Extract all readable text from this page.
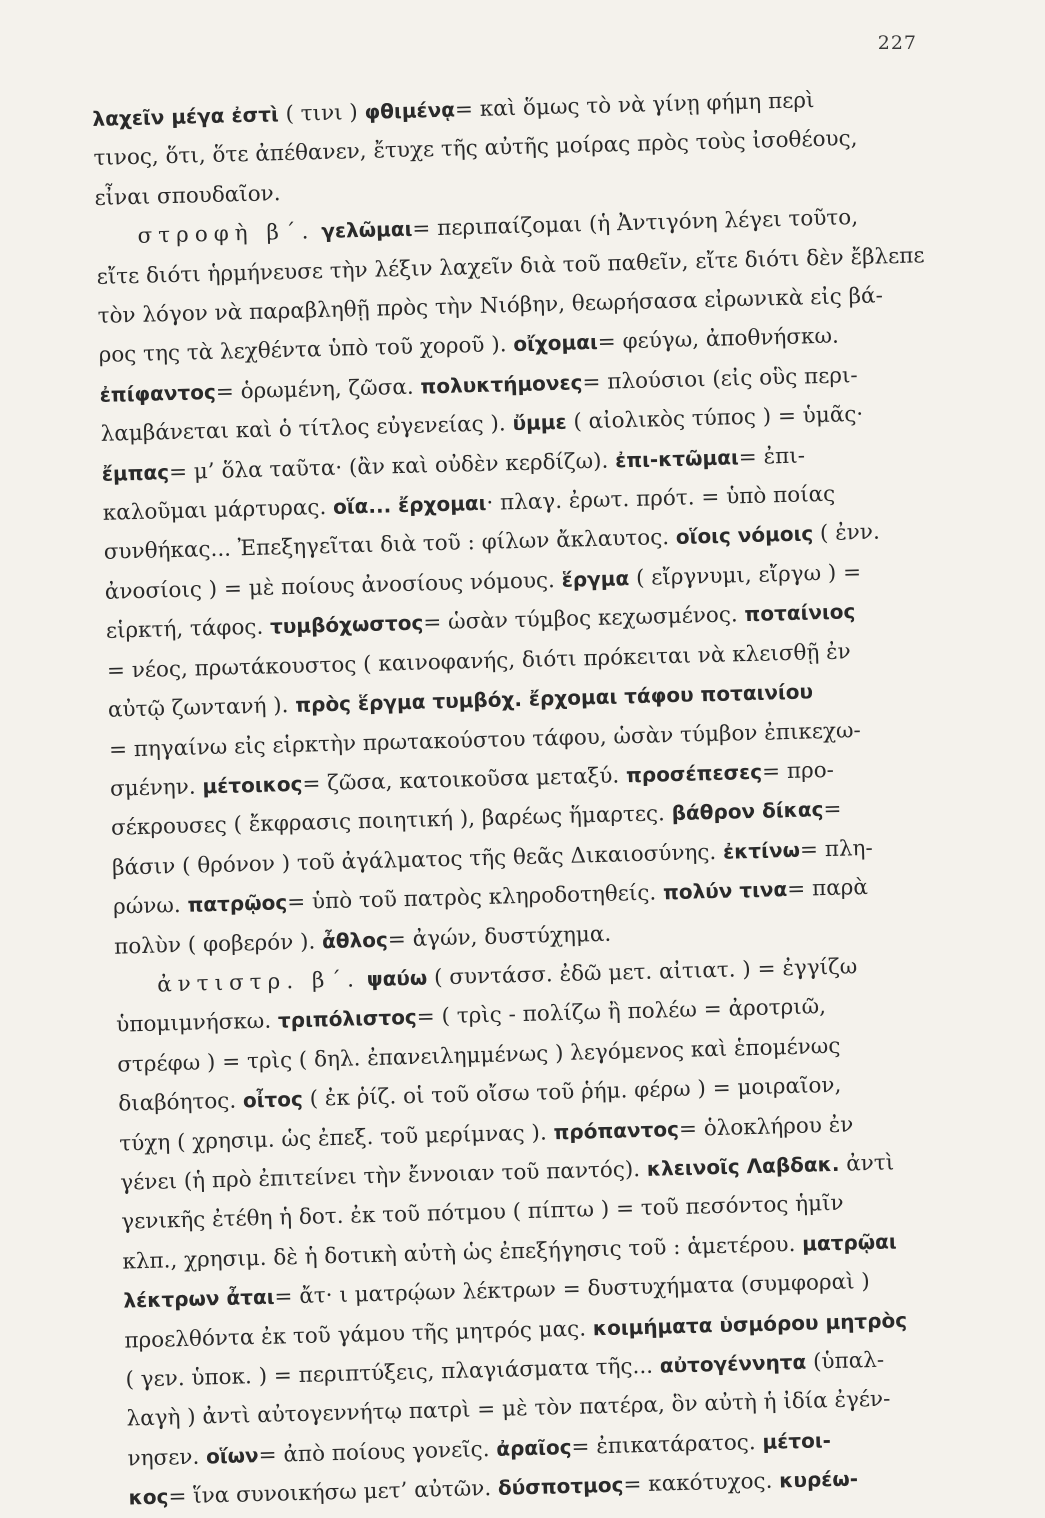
227
λαχεῖν μέγα ἐστὶ ( τινι ) φθιμένᾳ= καὶ ὅμως τὸ νὰ γίνῃ φήμη περὶ
τινος, ὅτι, ὅτε ἀπέθανεν, ἔτυχε τῆς αὐτῆς μοίρας πρὸς τοὺς ἰσοθέους,
εἶναι σπουδαῖον.
στροφὴ β΄. γελῶμαι= περιπαίζομαι (ἡ Ἀντιγόνη λέγει τοῦτο,
εἴτε διότι ἡρμήνευσε τὴν λέξιν λαχεῖν διὰ τοῦ παθεῖν, εἴτε διότι δὲν ἔβλεπε
τὸν λόγον νὰ παραβληθῇ πρὸς τὴν Νιόβην, θεωρήσασα εἰρωνικὰ εἰς βά-
ρος της τὰ λεχθέντα ὑπὸ τοῦ χοροῦ ). οἴχομαι= φεύγω, ἀποθνήσκω.
ἐπίφαντος= ὁρωμένη, ζῶσα. πολυκτήμονες= πλούσιοι (εἰς οὓς περι-
λαμβάνεται καὶ ὁ τίτλος εὐγενείας ). ὔμμε ( αἰολικὸς τύπος ) = ὑμᾶς·
ἔμπας= μ’ ὅλα ταῦτα· (ἂν καὶ οὐδὲν κερδίζω). ἐπι-κτῶμαι= ἐπι-
καλοῦμαι μάρτυρας. οἵα... ἔρχομαι· πλαγ. ἐρωτ. πρότ. = ὑπὸ ποίας
συνθήκας... Ἐπεξηγεῖται διὰ τοῦ : φίλων ἄκλαυτος. οἵοις νόμοις ( ἐνν.
ἀνοσίοις ) = μὲ ποίους ἀνοσίους νόμους. ἕργμα ( εἴργνυμι, εἴργω ) =
εἱρκτή, τάφος. τυμβόχωστος= ὡσὰν τύμβος κεχωσμένος. ποταίνιος
= νέος, πρωτάκουστος ( καινοφανής, διότι πρόκειται νὰ κλεισθῇ ἐν
αὐτῷ ζωντανή ). πρὸς ἕργμα τυμβόχ. ἔρχομαι τάφου ποταινίου
= πηγαίνω εἰς εἱρκτὴν πρωτακούστου τάφου, ὡσὰν τύμβον ἐπικεχω-
σμένην. μέτοικος= ζῶσα, κατοικοῦσα μεταξύ. προσέπεσες= προ-
σέκρουσες ( ἔκφρασις ποιητική ), βαρέως ἥμαρτες. βάθρον δίκας=
βάσιν ( θρόνον ) τοῦ ἀγάλματος τῆς θεᾶς Δικαιοσύνης. ἐκτίνω= πλη-
ρώνω. πατρῷος= ὑπὸ τοῦ πατρὸς κληροδοτηθείς. πολύν τινα= παρὰ
πολὺν ( φοβερόν ). ἆθλος= ἀγών, δυστύχημα.
ἀντιστρ. β΄. ψαύω ( συντάσσ. ἐδῶ μετ. αἰτιατ. ) = ἐγγίζω
ὑπομιμνήσκω. τριπόλιστος= ( τρὶς - πολίζω ἢ πολέω = ἀροτριῶ,
στρέφω ) = τρὶς ( δηλ. ἐπανειλημμένως ) λεγόμενος καὶ ἑπομένως
διαβόητος. οἶτος ( ἐκ ῥίζ. οἱ τοῦ οἴσω τοῦ ῥήμ. φέρω ) = μοιραῖον,
τύχη ( χρησιμ. ὡς ἐπεξ. τοῦ μερίμνας ). πρόπαντος= ὁλοκλήρου ἐν
γένει (ἡ πρὸ ἐπιτείνει τὴν ἔννοιαν τοῦ παντός). κλεινοῖς Λαβδακ. ἀντὶ
γενικῆς ἐτέθη ἡ δοτ. ἐκ τοῦ πότμου ( πίπτω ) = τοῦ πεσόντος ἡμῖν
κλπ., χρησιμ. δὲ ἡ δοτικὴ αὐτὴ ὡς ἐπεξήγησις τοῦ : ἁμετέρου. ματρῷαι
λέκτρων ἆται= ἄτ· ι ματρῴων λέκτρων = δυστυχήματα (συμφοραὶ )
προελθόντα ἐκ τοῦ γάμου τῆς μητρός μας. κοιμήματα ὑσμόρου μητρὸς
( γεν. ὑποκ. ) = περιπτύξεις, πλαγιάσματα τῆς... αὐτογέννητα (ὑπαλ-
λαγὴ ) ἀντὶ αὐτογεννήτῳ πατρὶ = μὲ τὸν πατέρα, ὃν αὐτὴ ἡ ἰδία ἐγέν-
νησεν. οἵων= ἀπὸ ποίους γονεῖς. ἀραῖος= ἐπικατάρατος. μέτοι-
κος= ἵνα συνοικήσω μετ’ αὐτῶν. δύσποτμος= κακότυχος. κυρέω-
